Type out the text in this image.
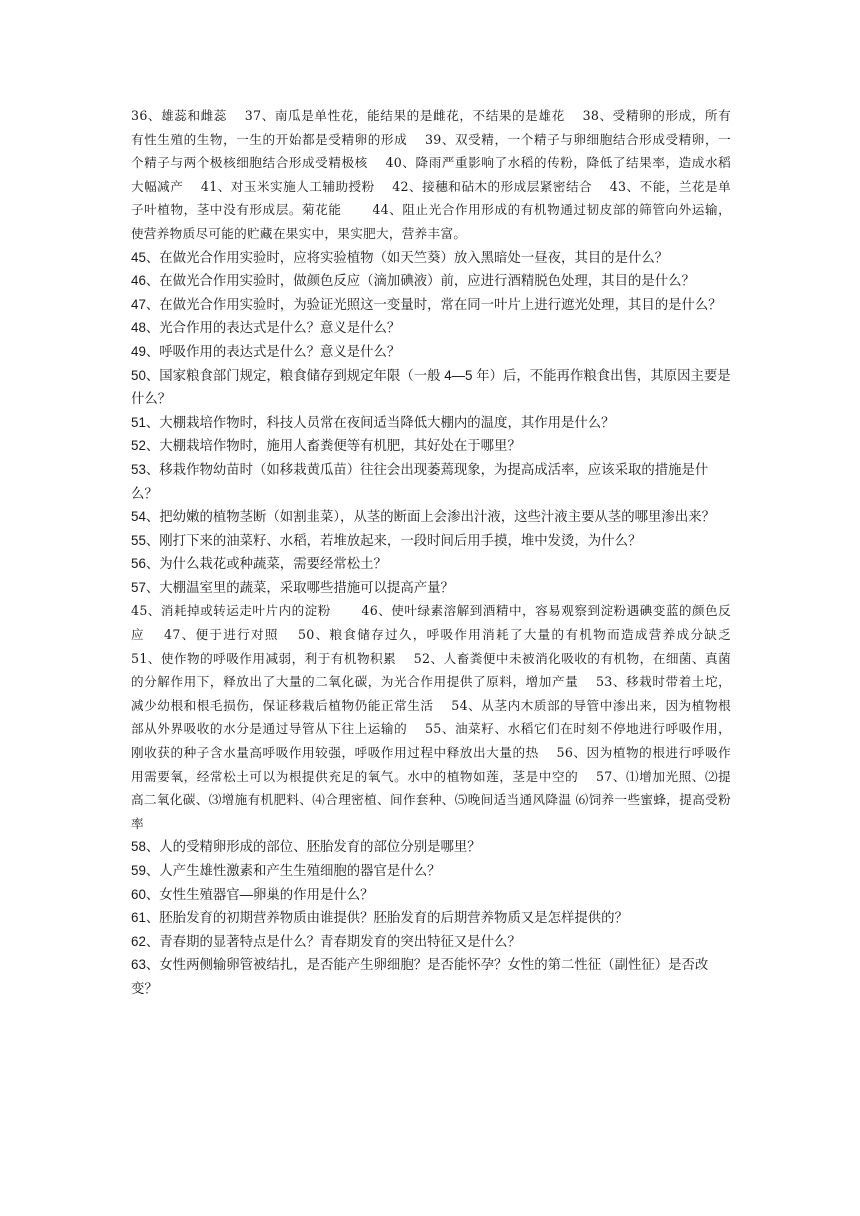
36、雄蕊和雌蕊　 37、南瓜是单性花，能结果的是雌花，不结果的是雄花　 38、受精卵的形成，所有有性生殖的生物，一生的开始都是受精卵的形成　 39、双受精，一个精子与卵细胞结合形成受精卵，一个精子与两个极核细胞结合形成受精极核　 40、降雨严重影响了水稻的传粉，降低了结果率，造成水稻大幅减产　 41、对玉米实施人工辅助授粉　 42、接穗和砧木的形成层紧密结合　 43、不能，兰花是单子叶植物，茎中没有形成层。菊花能　　 44、阻止光合作用形成的有机物通过韧皮部的筛管向外运输，使营养物质尽可能的贮藏在果实中，果实肥大，营养丰富。

45、在做光合作用实验时，应将实验植物（如天竺葵）放入黑暗处一昼夜，其目的是什么？

46、在做光合作用实验时，做颜色反应（滴加碘液）前，应进行酒精脱色处理，其目的是什么？

47、在做光合作用实验时，为验证光照这一变量时，常在同一叶片上进行遮光处理，其目的是什么？

48、光合作用的表达式是什么？意义是什么？

49、呼吸作用的表达式是什么？意义是什么？

50、国家粮食部门规定，粮食储存到规定年限（一般 4—5 年）后，不能再作粮食出售，其原因主要是什么？

51、大棚栽培作物时，科技人员常在夜间适当降低大棚内的温度，其作用是什么？

52、大棚栽培作物时，施用人畜粪便等有机肥，其好处在于哪里？

53、移栽作物幼苗时（如移栽黄瓜苗）往往会出现萎蔫现象，为提高成活率，应该采取的措施是什么？

54、把幼嫩的植物茎断（如割韭菜），从茎的断面上会渗出汁液，这些汁液主要从茎的哪里渗出来？

55、刚打下来的油菜籽、水稻，若堆放起来，一段时间后用手摸，堆中发烫，为什么？

56、为什么栽花或种蔬菜，需要经常松土？

57、大棚温室里的蔬菜，采取哪些措施可以提高产量？

45、消耗掉或转运走叶片内的淀粉　　 46、使叶绿素溶解到酒精中，容易观察到淀粉遇碘变蓝的颜色反应　 47、便于进行对照　 50、粮食储存过久，呼吸作用消耗了大量的有机物而造成营养成分缺乏　 51、使作物的呼吸作用减弱，利于有机物积累　 52、人畜粪便中未被消化吸收的有机物，在细菌、真菌的分解作用下，释放出了大量的二氧化碳，为光合作用提供了原料，增加产量　 53、移栽时带着土坨，减少幼根和根毛损伤，保证移栽后植物仍能正常生活　 54、从茎内木质部的导管中渗出来，因为植物根部从外界吸收的水分是通过导管从下往上运输的　 55、油菜籽、水稻它们在时刻不停地进行呼吸作用，刚收获的种子含水量高呼吸作用较强，呼吸作用过程中释放出大量的热　 56、因为植物的根进行呼吸作用需要氧，经常松土可以为根提供充足的氧气。水中的植物如莲，茎是中空的　 57、⑴增加光照、⑵提高二氧化碳、⑶增施有机肥料、⑷合理密植、间作套种、⑸晚间适当通风降温 ⑹饲养一些蜜蜂，提高受粉率

58、人的受精卵形成的部位、胚胎发育的部位分别是哪里？

59、人产生雄性激素和产生生殖细胞的器官是什么？

60、女性生殖器官—卵巢的作用是什么？

61、胚胎发育的初期营养物质由谁提供？胚胎发育的后期营养物质又是怎样提供的？

62、青春期的显著特点是什么？青春期发育的突出特征又是什么？

63、女性两侧输卵管被结扎，是否能产生卵细胞？是否能怀孕？女性的第二性征（副性征）是否改变？
